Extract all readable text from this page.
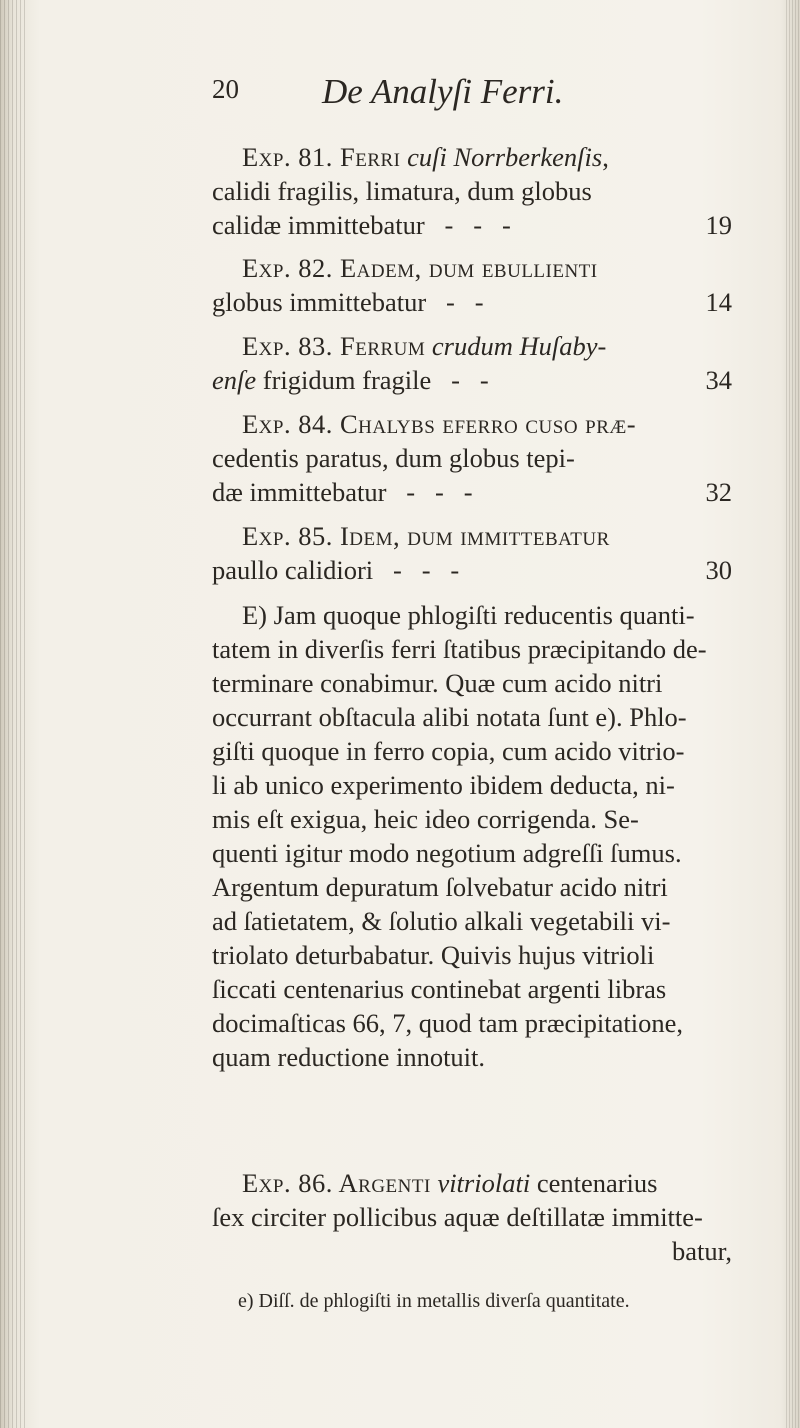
20 De Analyſi Ferri.
Exp. 81. Ferri cuſi Norrberkenſis,
calidi fragilis, limatura, dum globus
calidæ immittebatur   -   -   -	19
Exp. 82. Eadem, dum ebullienti
globus immittebatur   -   -	14
Exp. 83. Ferrum crudum Huſaby-
enſe frigidum fragile   -   -	34
Exp. 84. Chalybs eferro cuſo præ-
cedentis paratus, dum globus tepi-
dæ immittebatur   -   -   -	32
Exp. 85. Idem, dum immittebatur
paullo calidiori   -   -   -	30
E) Jam quoque phlogiſti reducentis quanti-
tatem in diverſis ferri ſtatibus præcipitando de-
terminare conabimur. Quæ cum acido nitri
occurrant obſtacula alibi notata ſunt e). Phlo-
giſti quoque in ferro copia, cum acido vitrio-
li ab unico experimento ibidem deducta, ni-
mis eſt exigua, heic ideo corrigenda. Se-
quenti igitur modo negotium adgreſſi ſumus.
Argentum depuratum ſolvebatur acido nitri
ad ſatietatem, & ſolutio alkali vegetabili vi-
triolato deturbabatur. Quivis hujus vitrioli
ſiccati centenarius continebat argenti libras
docimaſticas 66, 7, quod tam præcipitatione,
quam reductione innotuit.
Exp. 86. Argenti vitriolati centenarius
ſex circiter pollicibus aquæ deſtillatæ immitte-
batur,
e) Diſſ. de phlogiſti in metallis diverſa quantitate.
